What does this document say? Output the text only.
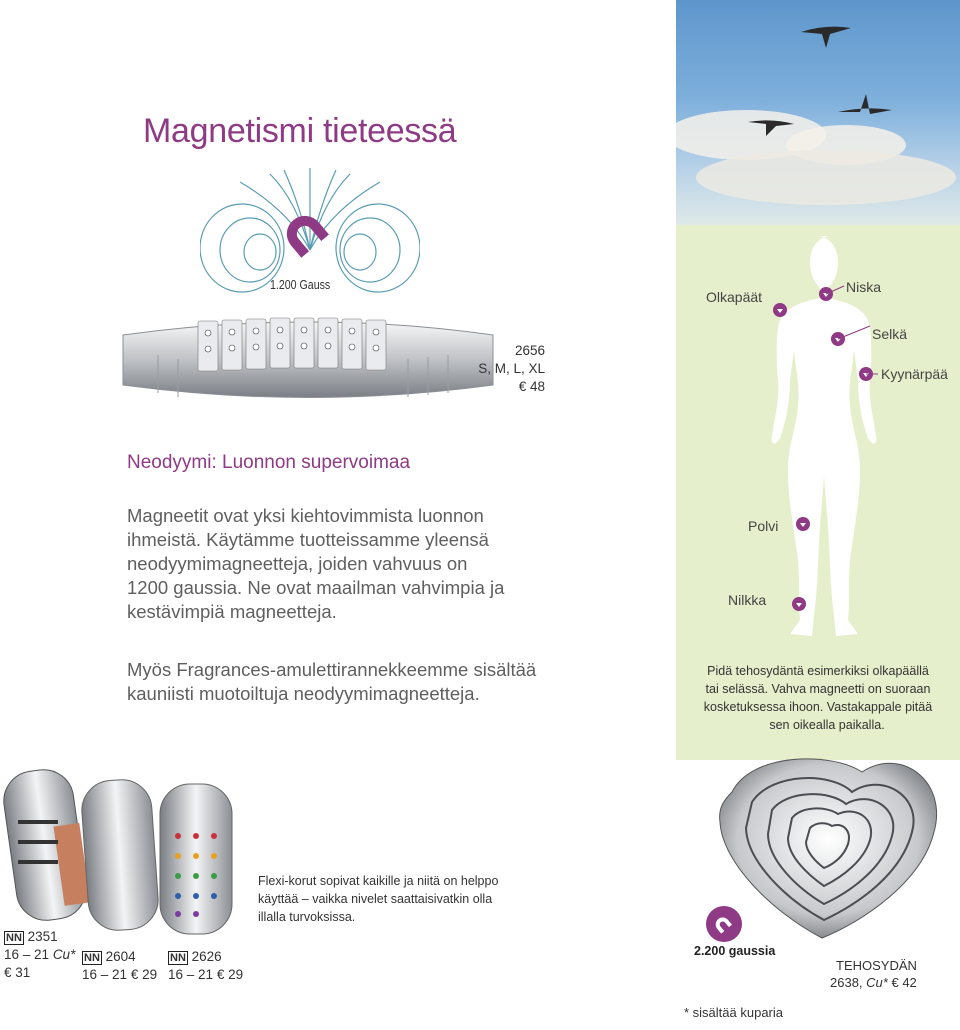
Magnetismi tieteessä
1.200 Gauss
2656
S, M, L, XL
€ 48
Neodyymi: Luonnon supervoimaa
Magneetit ovat yksi kiehtovimmista luonnon
ihmeistä. Käytämme tuotteissamme yleensä
neodyymimagneetteja, joiden vahvuus on
1200 gaussia. Ne ovat maailman vahvimpia ja
kestävimpiä magneetteja.
Myös Fragrances-amulettirannekkeemme sisältää
kauniisti muotoiltuja neodyymimagneetteja.
Olkapäät
Niska
Selkä
Kyynärpää
Polvi
Nilkka
Pidä tehosydäntä esimerkiksi olkapäällä
tai selässä. Vahva magneetti on suoraan
kosketuksessa ihoon. Vastakappale pitää
sen oikealla paikalla.
Flexi-korut sopivat kaikille ja niitä on helppo
käyttää – vaikka nivelet saattaisivatkin olla
illalla turvoksissa.
NN 2351
16 – 21 Cu*
€ 31
NN 2604
16 – 21 € 29
NN 2626
16 – 21 € 29
2.200 gaussia
TEHOSYDÄN
2638, Cu* € 42
* sisältää kuparia
